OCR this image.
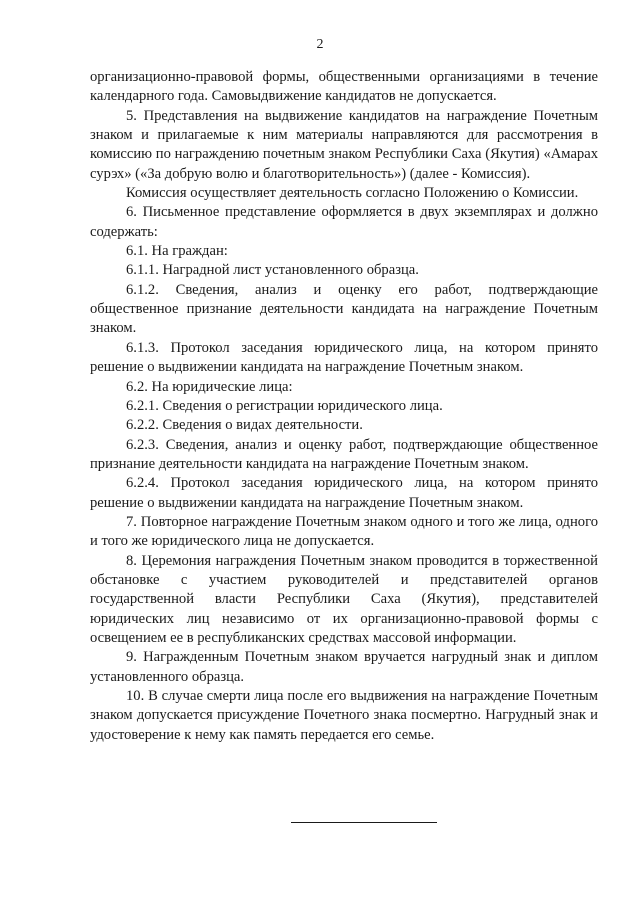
2

организационно-правовой формы, общественными организациями в течение календарного года. Самовыдвижение кандидатов не допускается.

5. Представления на выдвижение кандидатов на награждение Почетным знаком и прилагаемые к ним материалы направляются для рассмотрения в комиссию по награждению почетным знаком Республики Саха (Якутия) «Амарах сурэх» («За добрую волю и благотворительность») (далее - Комиссия).

Комиссия осуществляет деятельность согласно Положению о Комиссии.

6. Письменное представление оформляется в двух экземплярах и должно содержать:

6.1. На граждан:

6.1.1. Наградной лист установленного образца.

6.1.2. Сведения, анализ и оценку его работ, подтверждающие общественное признание деятельности кандидата на награждение Почетным знаком.

6.1.3. Протокол заседания юридического лица, на котором принято решение о выдвижении кандидата на награждение Почетным знаком.

6.2. На юридические лица:

6.2.1. Сведения о регистрации юридического лица.

6.2.2. Сведения о видах деятельности.

6.2.3. Сведения, анализ и оценку работ, подтверждающие общественное признание деятельности кандидата на награждение Почетным знаком.

6.2.4. Протокол заседания юридического лица, на котором принято решение о выдвижении кандидата на награждение Почетным знаком.

7. Повторное награждение Почетным знаком одного и того же лица, одного и того же юридического лица не допускается.

8. Церемония награждения Почетным знаком проводится в торжественной обстановке с участием руководителей и представителей органов государственной власти Республики Саха (Якутия), представителей юридических лиц независимо от их организационно-правовой формы с освещением ее в республиканских средствах массовой информации.

9. Награжденным Почетным знаком вручается нагрудный знак и диплом установленного образца.

10. В случае смерти лица после его выдвижения на награждение Почетным знаком допускается присуждение Почетного знака посмертно. Нагрудный знак и удостоверение к нему как память передается его семье.
